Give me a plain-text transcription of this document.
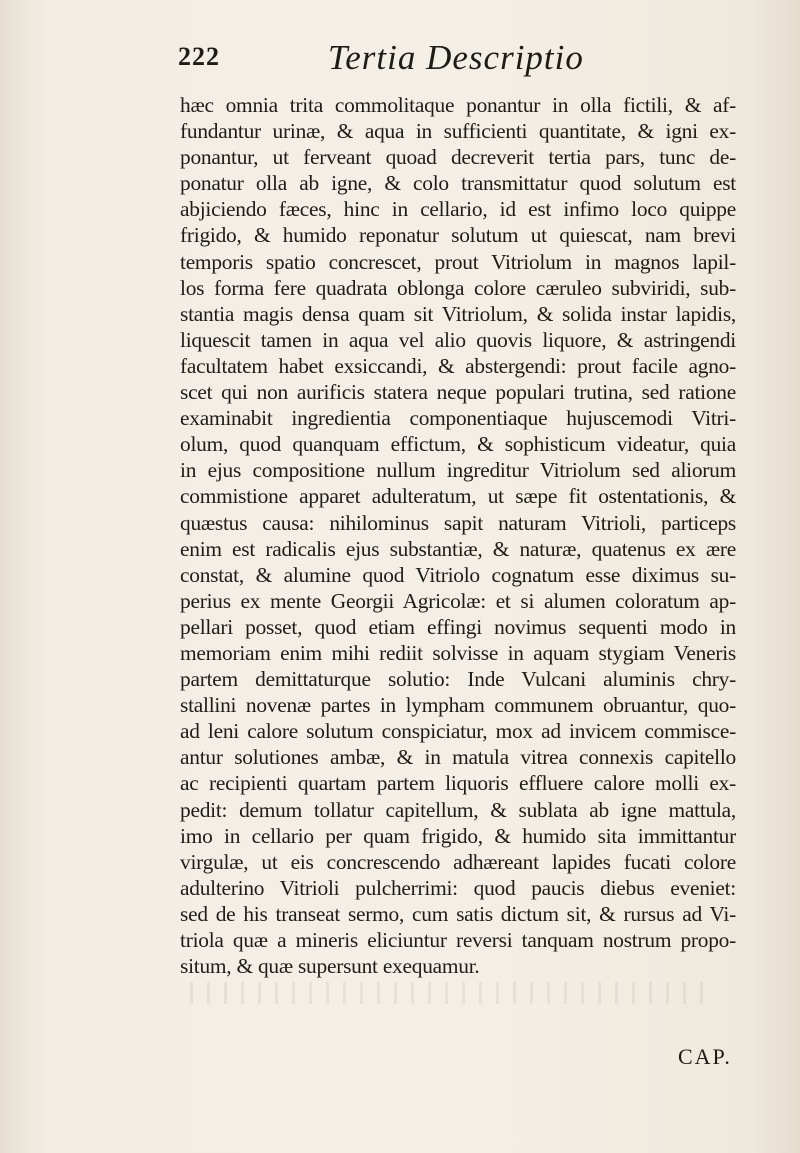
222	Tertia Descriptio
hæc omnia trita commolitaque ponantur in olla fictili, & af-
fundantur urinæ, & aqua in sufficienti quantitate, & igni ex-
ponantur, ut ferveant quoad decreverit tertia pars, tunc de-
ponatur olla ab igne, & colo transmittatur quod solutum est
abjiciendo fæces, hinc in cellario, id est infimo loco quippe
frigido, & humido reponatur solutum ut quiescat, nam brevi
temporis spatio concrescet, prout Vitriolum in magnos lapil-
los forma fere quadrata oblonga colore cæruleo subviridi, sub-
stantia magis densa quam sit Vitriolum, & solida instar lapidis,
liquescit tamen in aqua vel alio quovis liquore, & astringendi
facultatem habet exsiccandi, & abstergendi: prout facile agno-
scet qui non aurificis statera neque populari trutina, sed ratione
examinabit ingredientia componentiaque hujuscemodi Vitri-
olum, quod quanquam effictum, & sophisticum videatur, quia
in ejus compositione nullum ingreditur Vitriolum sed aliorum
commistione apparet adulteratum, ut sæpe fit ostentationis, &
quæstus causa: nihilominus sapit naturam Vitrioli, particeps
enim est radicalis ejus substantiæ, & naturæ, quatenus ex ære
constat, & alumine quod Vitriolo cognatum esse diximus su-
perius ex mente Georgii Agricolæ: et si alumen coloratum ap-
pellari posset, quod etiam effingi novimus sequenti modo in
memoriam enim mihi rediit solvisse in aquam stygiam Veneris
partem demittaturque solutio: Inde Vulcani aluminis chry-
stallini novenæ partes in lympham communem obruantur, quo-
ad leni calore solutum conspiciatur, mox ad invicem commisce-
antur solutiones ambæ, & in matula vitrea connexis capitello
ac recipienti quartam partem liquoris effluere calore molli ex-
pedit: demum tollatur capitellum, & sublata ab igne mattula,
imo in cellario per quam frigido, & humido sita immittantur
virgulæ, ut eis concrescendo adhæreant lapides fucati colore
adulterino Vitrioli pulcherrimi: quod paucis diebus eveniet:
sed de his transeat sermo, cum satis dictum sit, & rursus ad Vi-
triola quæ a mineris eliciuntur reversi tanquam nostrum propo-
situm, & quæ supersunt exequamur.
CAP.
